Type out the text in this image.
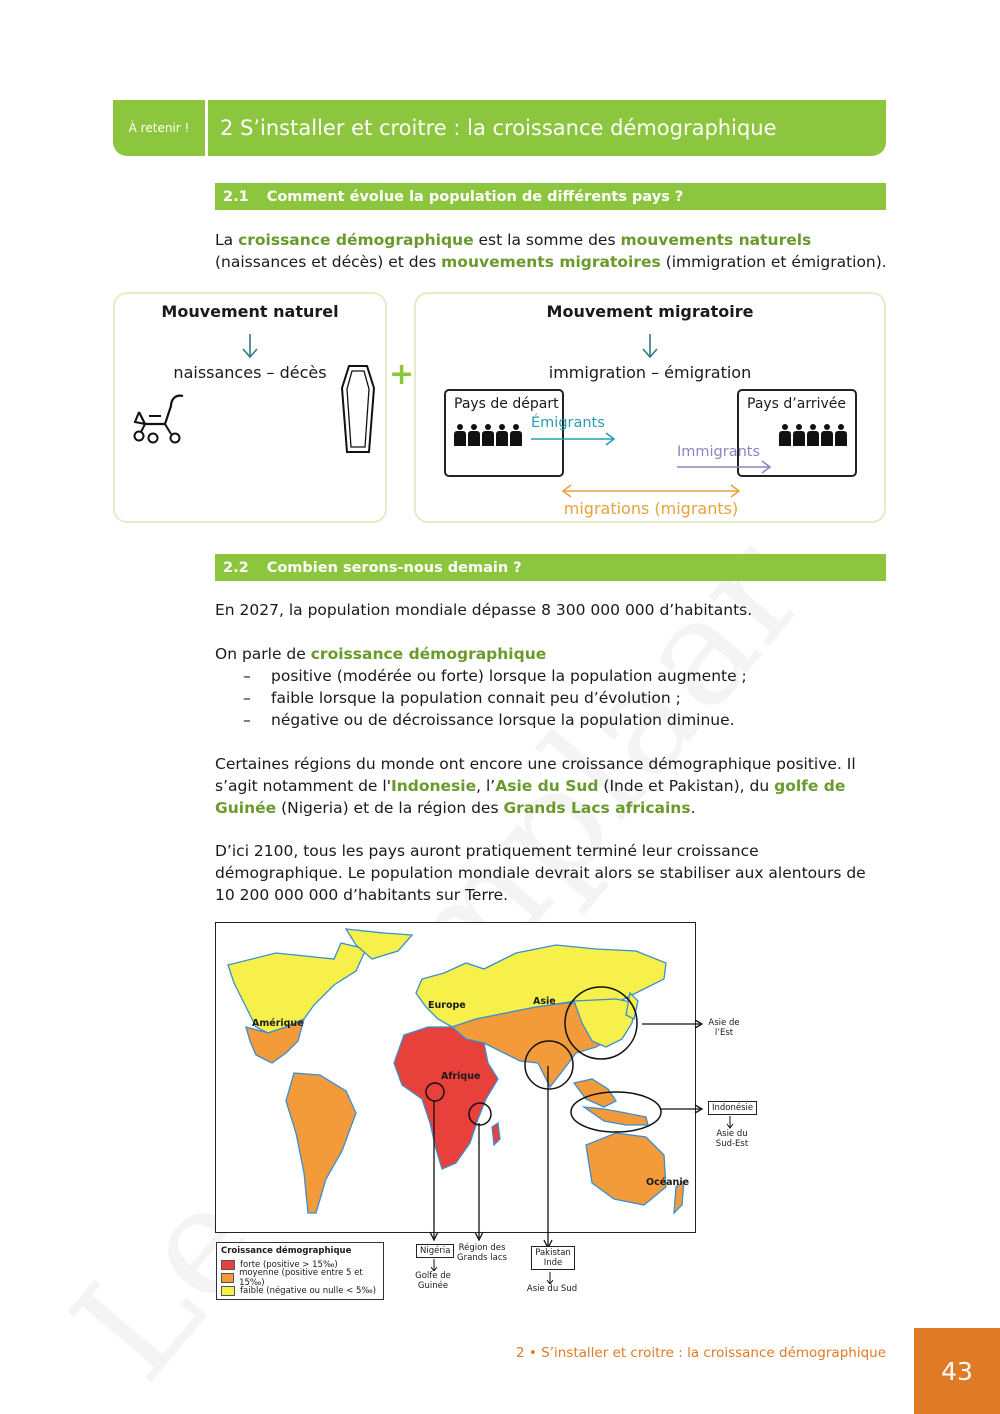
À retenir !	2 S’installer et croitre : la croissance démographique
2.1 Comment évolue la population de différents pays ?
La croissance démographique est la somme des mouvements naturels (naissances et décès) et des mouvements migratoires (immigration et émigration).
Mouvement naturel
naissances – décès	+
Mouvement migratoire
immigration – émigration
Pays de départ	Pays d’arrivée
Émigrants
Immigrants
migrations (migrants)
2.2 Combien serons-nous demain ?
En 2027, la population mondiale dépasse 8 300 000 000 d’habitants.
On parle de croissance démographique
– positive (modérée ou forte) lorsque la population augmente ;
– faible lorsque la population connait peu d’évolution ;
– négative ou de décroissance lorsque la population diminue.
Certaines régions du monde ont encore une croissance démographique positive. Il s’agit notamment de l'Indonesie, l’Asie du Sud (Inde et Pakistan), du golfe de Guinée (Nigeria) et de la région des Grands Lacs africains.
D’ici 2100, tous les pays auront pratiquement terminé leur croissance démographique. Le population mondiale devrait alors se stabiliser aux alentours de 10 200 000 000 d’habitants sur Terre.
Amérique
Europe	Asie
Afrique
Océanie
Asie de
l’Est
Indonésie
Asie du
Sud-Est
Nigéria
Golfe de
Guinée
Région des
Grands lacs	Pakistan
Inde
Asie du Sud
Croissance démographique
forte (positive > 15‰)
moyenne (positive entre 5 et 15‰)
faible (négative ou nulle < 5‰)
2 • S’installer et croitre : la croissance démographique
43
